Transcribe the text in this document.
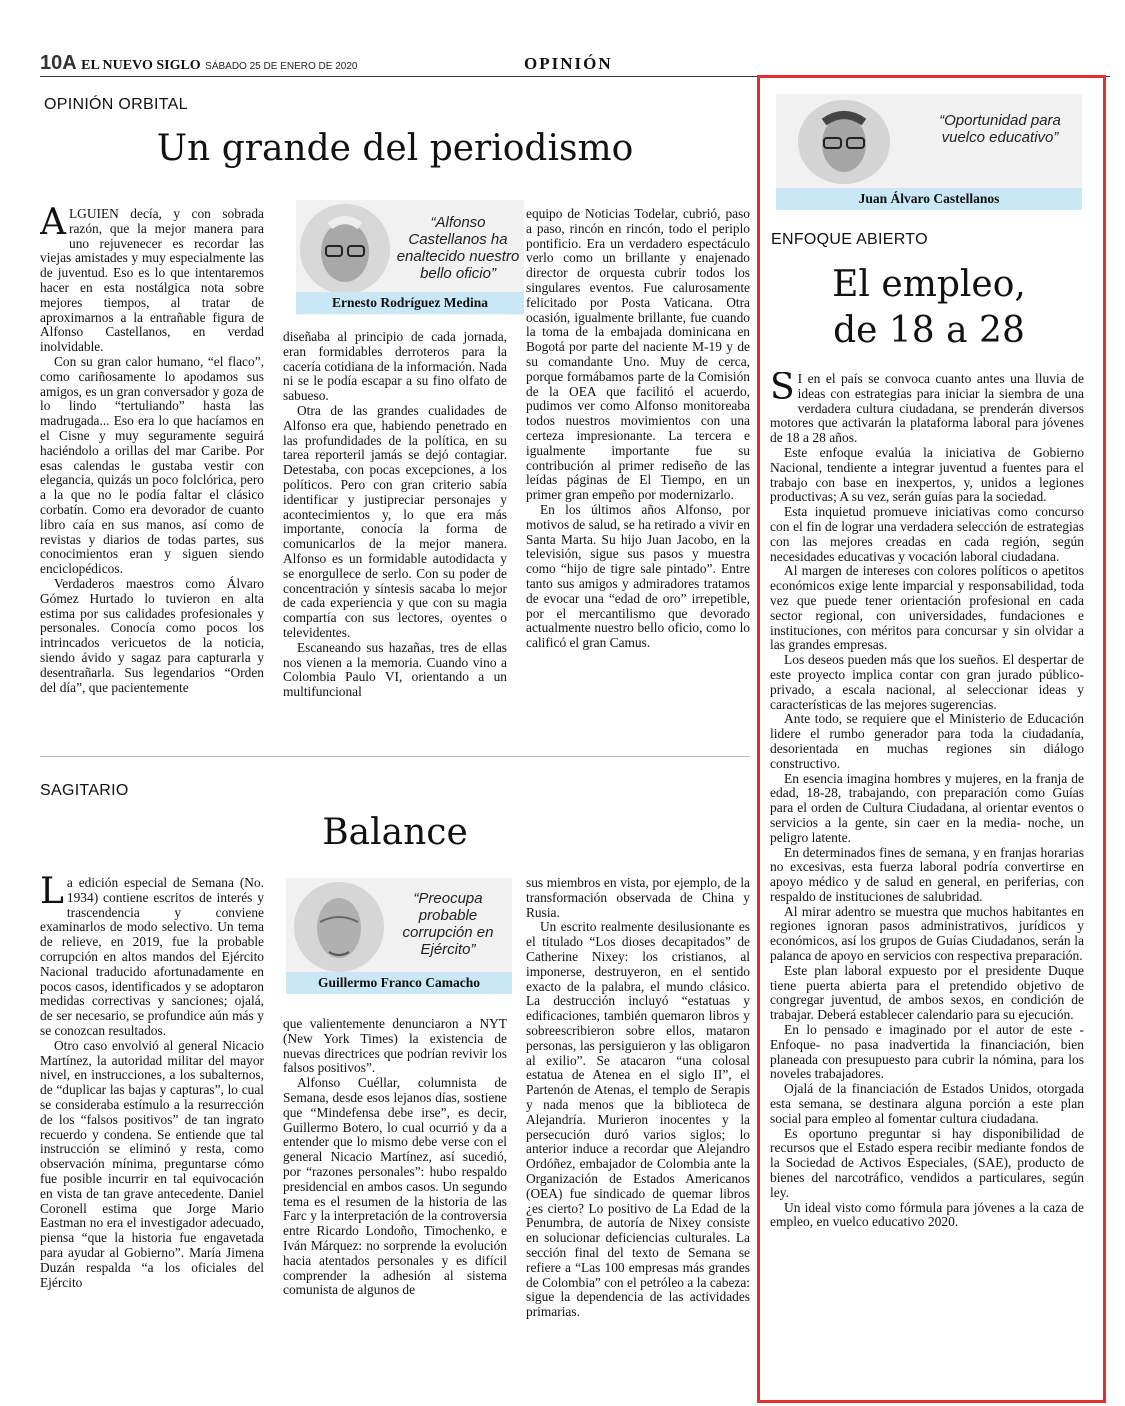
10A EL NUEVO SIGLO SÁBADO 25 DE ENERO DE 2020	OPINIÓN
OPINIÓN ORBITAL
Un grande del periodismo

ALGUIEN decía, y con sobrada razón, que la mejor manera para uno rejuvenecer es recordar las viejas amistades y muy especialmente las de juventud. Eso es lo que intentaremos hacer en esta nostálgica nota sobre mejores tiempos, al tratar de aproximarnos a la entrañable figura de Alfonso Castellanos, en verdad inolvidable.

Con su gran calor humano, “el flaco”, como cariñosamente lo apodamos sus amigos, es un gran conversador y goza de lo lindo “tertuliando” hasta las madrugada... Eso era lo que hacíamos en el Cisne y muy seguramente seguirá haciéndolo a orillas del mar Caribe. Por esas calendas le gustaba vestir con elegancia, quizás un poco folclórica, pero a la que no le podía faltar el clásico corbatín. Como era devorador de cuanto libro caía en sus manos, así como de revistas y diarios de todas partes, sus conocimientos eran y siguen siendo enciclopédicos.

Verdaderos maestros como Álvaro Gómez Hurtado lo tuvieron en alta estima por sus calidades profesionales y personales. Conocía como pocos los intrincados vericuetos de la noticia, siendo ávido y sagaz para capturarla y desentrañarla. Sus legendarios “Orden del día”, que pacientemente

“Alfonso Castellanos ha enaltecido nuestro bello oficio”
Ernesto Rodríguez Medina

diseñaba al principio de cada jornada, eran formidables derroteros para la cacería cotidiana de la información. Nada ni se le podía escapar a su fino olfato de sabueso.

Otra de las grandes cualidades de Alfonso era que, habiendo penetrado en las profundidades de la política, en su tarea reporteril jamás se dejó contagiar. Detestaba, con pocas excepciones, a los políticos. Pero con gran criterio sabía identificar y justipreciar personajes y acontecimientos y, lo que era más importante, conocía la forma de comunicarlos de la mejor manera. Alfonso es un formidable autodidacta y se enorgullece de serlo. Con su poder de concentración y síntesis sacaba lo mejor de cada experiencia y que con su magia compartía con sus lectores, oyentes o televidentes.

Escaneando sus hazañas, tres de ellas nos vienen a la memoria. Cuando vino a Colombia Paulo VI, orientando a un multifuncional

equipo de Noticias Todelar, cubrió, paso a paso, rincón en rincón, todo el periplo pontificio. Era un verdadero espectáculo verlo como un brillante y enajenado director de orquesta cubrir todos los singulares eventos. Fue calurosamente felicitado por Posta Vaticana. Otra ocasión, igualmente brillante, fue cuando la toma de la embajada dominicana en Bogotá por parte del naciente M-19 y de su comandante Uno. Muy de cerca, porque formábamos parte de la Comisión de la OEA que facilitó el acuerdo, pudimos ver como Alfonso monitoreaba todos nuestros movimientos con una certeza impresionante. La tercera e igualmente importante fue su contribución al primer rediseño de las leídas páginas de El Tiempo, en un primer gran empeño por modernizarlo.

En los últimos años Alfonso, por motivos de salud, se ha retirado a vivir en Santa Marta. Su hijo Juan Jacobo, en la televisión, sigue sus pasos y muestra como “hijo de tigre sale pintado”. Entre tanto sus amigos y admiradores tratamos de evocar una “edad de oro” irrepetible, por el mercantilismo que devorado actualmente nuestro bello oficio, como lo calificó el gran Camus.

SAGITARIO
Balance

La edición especial de Semana (No. 1934) contiene escritos de interés y trascendencia y conviene examinarlos de modo selectivo. Un tema de relieve, en 2019, fue la probable corrupción en altos mandos del Ejército Nacional traducido afortunadamente en pocos casos, identificados y se adoptaron medidas correctivas y sanciones; ojalá, de ser necesario, se profundice aún más y se conozcan resultados.

Otro caso envolvió al general Nicacio Martínez, la autoridad militar del mayor nivel, en instrucciones, a los subalternos, de “duplicar las bajas y capturas”, lo cual se consideraba estímulo a la resurrección de los “falsos positivos” de tan ingrato recuerdo y condena. Se entiende que tal instrucción se eliminó y resta, como observación mínima, preguntarse cómo fue posible incurrir en tal equivocación en vista de tan grave antecedente. Daniel Coronell estima que Jorge Mario Eastman no era el investigador adecuado, piensa “que la historia fue engavetada para ayudar al Gobierno”. María Jimena Duzán respalda “a los oficiales del Ejército

“Preocupa probable corrupción en Ejército”
Guillermo Franco Camacho

que valientemente denunciaron a NYT (New York Times) la existencia de nuevas directrices que podrían revivir los falsos positivos”.

Alfonso Cuéllar, columnista de Semana, desde esos lejanos días, sostiene que “Mindefensa debe irse”, es decir, Guillermo Botero, lo cual ocurrió y da a entender que lo mismo debe verse con el general Nicacio Martínez, así sucedió, por “razones personales”: hubo respaldo presidencial en ambos casos. Un segundo tema es el resumen de la historia de las Farc y la interpretación de la controversia entre Ricardo Londoño, Timochenko, e Iván Márquez: no sorprende la evolución hacia atentados personales y es difícil comprender la adhesión al sistema comunista de algunos de

sus miembros en vista, por ejemplo, de la transformación observada de China y Rusia.

Un escrito realmente desilusionante es el titulado “Los dioses decapitados” de Catherine Nixey: los cristianos, al imponerse, destruyeron, en el sentido exacto de la palabra, el mundo clásico. La destrucción incluyó “estatuas y edificaciones, también quemaron libros y sobreescribieron sobre ellos, mataron personas, las persiguieron y las obligaron al exilio”. Se atacaron “una colosal estatua de Atenea en el siglo II”, el Partenón de Atenas, el templo de Serapis y nada menos que la biblioteca de Alejandría. Murieron inocentes y la persecución duró varios siglos; lo anterior induce a recordar que Alejandro Ordóñez, embajador de Colombia ante la Organización de Estados Americanos (OEA) fue sindicado de quemar libros ¿es cierto? Lo positivo de La Edad de la Penumbra, de autoría de Nixey consiste en solucionar deficiencias culturales. La sección final del texto de Semana se refiere a “Las 100 empresas más grandes de Colombia” con el petróleo a la cabeza: sigue la dependencia de las actividades primarias.

“Oportunidad para vuelco educativo”
Juan Álvaro Castellanos
ENFOQUE ABIERTO
El empleo,
de 18 a 28

S I en el país se convoca cuanto antes una lluvia de ideas con estrategias para iniciar la siembra de una verdadera cultura ciudadana, se prenderán diversos motores que activarán la plataforma laboral para jóvenes de 18 a 28 años.

Este enfoque evalúa la iniciativa de Gobierno Nacional, tendiente a integrar juventud a fuentes para el trabajo con base en inexpertos, y, unidos a legiones productivas; A su vez, serán guías para la sociedad.

Esta inquietud promueve iniciativas como concurso con el fin de lograr una verdadera selección de estrategias con las mejores creadas en cada región, según necesidades educativas y vocación laboral ciudadana.

Al margen de intereses con colores políticos o apetitos económicos exige lente imparcial y responsabilidad, toda vez que puede tener orientación profesional en cada sector regional, con universidades, fundaciones e instituciones, con méritos para concursar y sin olvidar a las grandes empresas.

Los deseos pueden más que los sueños. El despertar de este proyecto implica contar con gran jurado público-privado, a escala nacional, al seleccionar ideas y características de las mejores sugerencias.

Ante todo, se requiere que el Ministerio de Educación lidere el rumbo generador para toda la ciudadanía, desorientada en muchas regiones sin diálogo constructivo.

En esencia imagina hombres y mujeres, en la franja de edad, 18-28, trabajando, con preparación como Guías para el orden de Cultura Ciudadana, al orientar eventos o servicios a la gente, sin caer en la media- noche, un peligro latente.

En determinados fines de semana, y en franjas horarias no excesivas, esta fuerza laboral podría convertirse en apoyo médico y de salud en general, en periferias, con respaldo de instituciones de salubridad.

Al mirar adentro se muestra que muchos habitantes en regiones ignoran pasos administrativos, jurídicos y económicos, así los grupos de Guías Ciudadanos, serán la palanca de apoyo en servicios con respectiva preparación.

Este plan laboral expuesto por el presidente Duque tiene puerta abierta para el pretendido objetivo de congregar juventud, de ambos sexos, en condición de trabajar. Deberá establecer calendario para su ejecución.

En lo pensado e imaginado por el autor de este -Enfoque- no pasa inadvertida la financiación, bien planeada con presupuesto para cubrir la nómina, para los noveles trabajadores.

Ojalá de la financiación de Estados Unidos, otorgada esta semana, se destinara alguna porción a este plan social para empleo al fomentar cultura ciudadana.

Es oportuno preguntar si hay disponibilidad de recursos que el Estado espera recibir mediante fondos de la Sociedad de Activos Especiales, (SAE), producto de bienes del narcotráfico, vendidos a particulares, según ley.

Un ideal visto como fórmula para jóvenes a la caza de empleo, en vuelco educativo 2020.
